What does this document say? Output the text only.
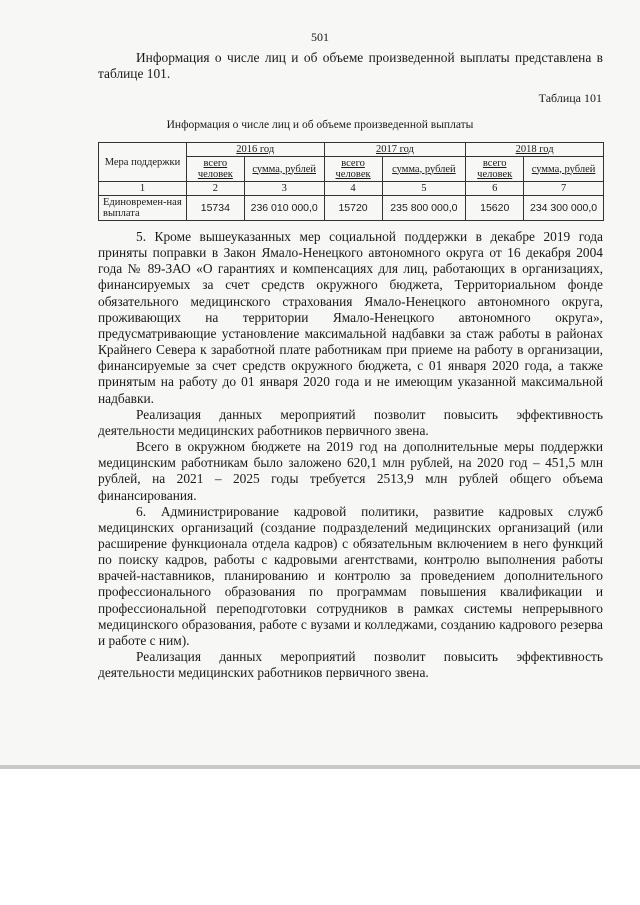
501
Информация о числе лиц и об объеме произведенной выплаты представлена в таблице 101.
Таблица 101
Информация о числе лиц и об объеме произведенной выплаты
Мера поддержки	2016 год		2017 год		2018 год	
	всего человек	сумма, рублей	всего человек	сумма, рублей	всего человек	сумма, рублей
1	2	3	4	5	6	7
Единовремен-ная выплата	15734	236 010 000,0	15720	235 800 000,0	15620	234 300 000,0

5. Кроме вышеуказанных мер социальной поддержки в декабре 2019 года приняты поправки в Закон Ямало-Ненецкого автономного округа от 16 декабря 2004 года № 89-ЗАО «О гарантиях и компенсациях для лиц, работающих в организациях, финансируемых за счет средств окружного бюджета, Территориальном фонде обязательного медицинского страхования Ямало-Ненецкого автономного округа, проживающих на территории Ямало-Ненецкого автономного округа», предусматривающие установление максимальной надбавки за стаж работы в районах Крайнего Севера к заработной плате работникам при приеме на работу в организации, финансируемые за счет средств окружного бюджета, с 01 января 2020 года, а также принятым на работу до 01 января 2020 года и не имеющим указанной максимальной надбавки.

Реализация данных мероприятий позволит повысить эффективность деятельности медицинских работников первичного звена.

Всего в окружном бюджете на 2019 год на дополнительные меры поддержки медицинским работникам было заложено 620,1 млн рублей, на 2020 год – 451,5 млн рублей, на 2021 – 2025 годы требуется 2513,9 млн рублей общего объема финансирования.

6. Администрирование кадровой политики, развитие кадровых служб медицинских организаций (создание подразделений медицинских организаций (или расширение функционала отдела кадров) с обязательным включением в него функций по поиску кадров, работы с кадровыми агентствами, контролю выполнения работы врачей-наставников, планированию и контролю за проведением дополнительного профессионального образования по программам повышения квалификации и профессиональной переподготовки сотрудников в рамках системы непрерывного медицинского образования, работе с вузами и колледжами, созданию кадрового резерва и работе с ним).

Реализация данных мероприятий позволит повысить эффективность деятельности медицинских работников первичного звена.
